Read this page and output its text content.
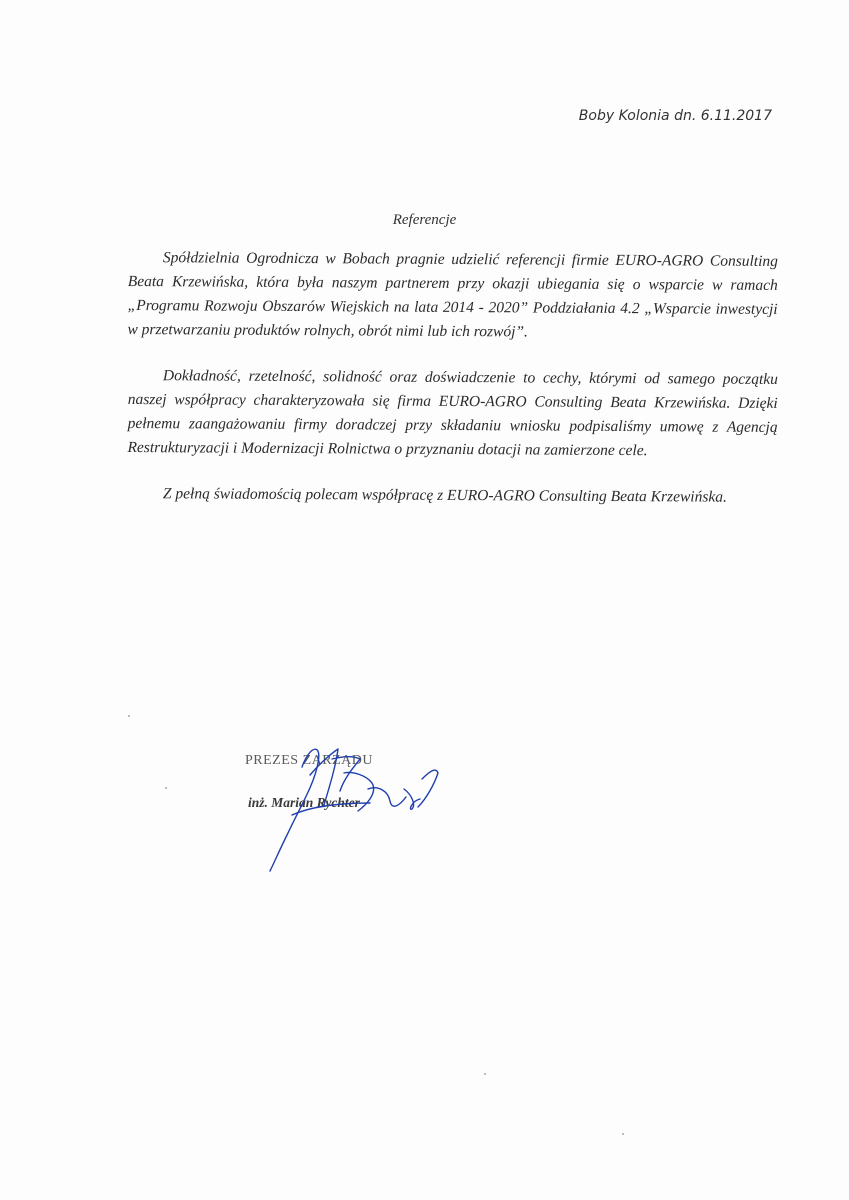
Boby Kolonia dn. 6.11.2017
Referencje

Spółdzielnia Ogrodnicza w Bobach pragnie udzielić referencji firmie EURO-AGRO Consulting Beata Krzewińska, która była naszym partnerem przy okazji ubiegania się o wsparcie w ramach „Programu Rozwoju Obszarów Wiejskich na lata 2014 - 2020” Poddziałania 4.2 „Wsparcie inwestycji w przetwarzaniu produktów rolnych, obrót nimi lub ich rozwój”.

Dokładność, rzetelność, solidność oraz doświadczenie to cechy, którymi od samego początku naszej współpracy charakteryzowała się firma EURO-AGRO Consulting Beata Krzewińska. Dzięki pełnemu zaangażowaniu firmy doradczej przy składaniu wniosku podpisaliśmy umowę z Agencją Restrukturyzacji i Modernizacji Rolnictwa o przyznaniu dotacji na zamierzone cele.

Z pełną świadomością polecam współpracę z EURO-AGRO Consulting Beata Krzewińska.

PREZES ZARZĄDU
inż. Marian Rychter
